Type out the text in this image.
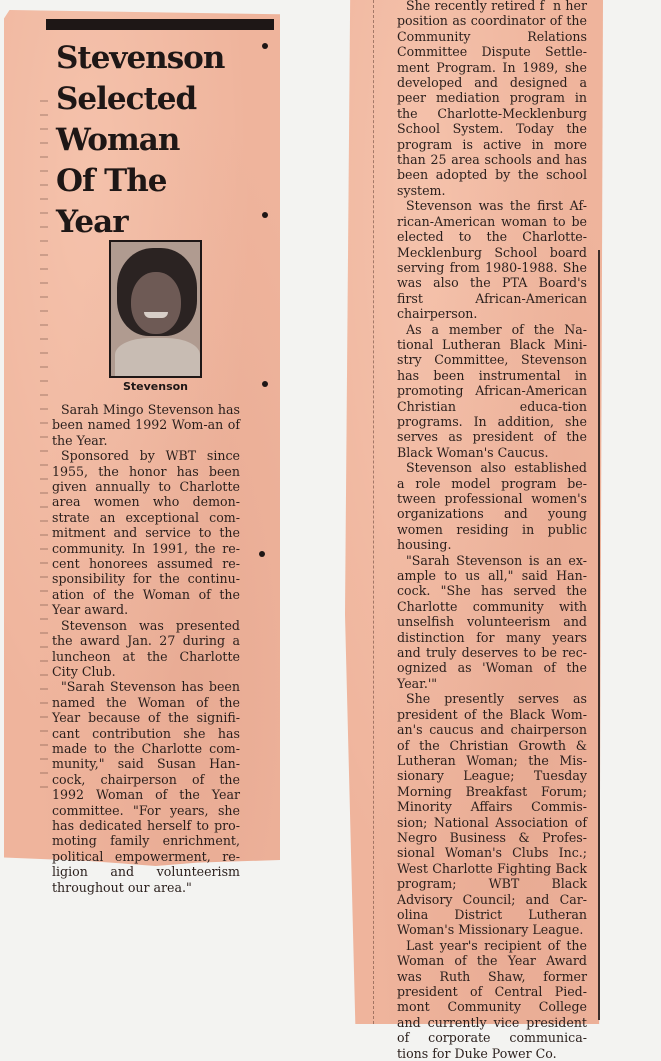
Stevenson
Selected
Woman
Of The
Year
Stevenson

Sarah Mingo Stevenson has been named 1992 Wom-an of the Year.

Sponsored by WBT since 1955, the honor has been given annually to Charlotte area women who demon-strate an exceptional com-mitment and service to the community. In 1991, the re-cent honorees assumed re-sponsibility for the continu-ation of the Woman of the Year award.

Stevenson was presented the award Jan. 27 during a luncheon at the Charlotte City Club.

"Sarah Stevenson has been named the Woman of the Year because of the signifi-cant contribution she has made to the Charlotte com-munity," said Susan Han-cock, chairperson of the 1992 Woman of the Year committee. "For years, she has dedicated herself to pro-moting family enrichment, political empowerment, re-ligion and volunteerism throughout our area."

She recently retired f  n her position as coordinator of the Community Relations Committee Dispute Settle-ment Program. In 1989, she developed and designed a peer mediation program in the Charlotte-Mecklenburg School System. Today the program is active in more than 25 area schools and has been adopted by the school system.

Stevenson was the first Af-rican-American woman to be elected to the Charlotte-Mecklenburg School board serving from 1980-1988. She was also the PTA Board's first African-American chairperson.

As a member of the Na-tional Lutheran Black Mini-stry Committee, Stevenson has been instrumental in promoting African-American Christian educa-tion programs. In addition, she serves as president of the Black Woman's Caucus.

Stevenson also established a role model program be-tween professional women's organizations and young women residing in public housing.

"Sarah Stevenson is an ex-ample to us all," said Han-cock. "She has served the Charlotte community with unselfish volunteerism and distinction for many years and truly deserves to be rec-ognized as 'Woman of the Year.'"

She presently serves as president of the Black Wom-an's caucus and chairperson of the Christian Growth & Lutheran Woman; the Mis-sionary League; Tuesday Morning Breakfast Forum; Minority Affairs Commis-sion; National Association of Negro Business & Profes-sional Woman's Clubs Inc.; West Charlotte Fighting Back program; WBT Black Advisory Council; and Car-olina District Lutheran Woman's Missionary League.

Last year's recipient of the Woman of the Year Award was Ruth Shaw, former president of Central Pied-mont Community College and currently vice president of corporate communica-tions for Duke Power Co.
